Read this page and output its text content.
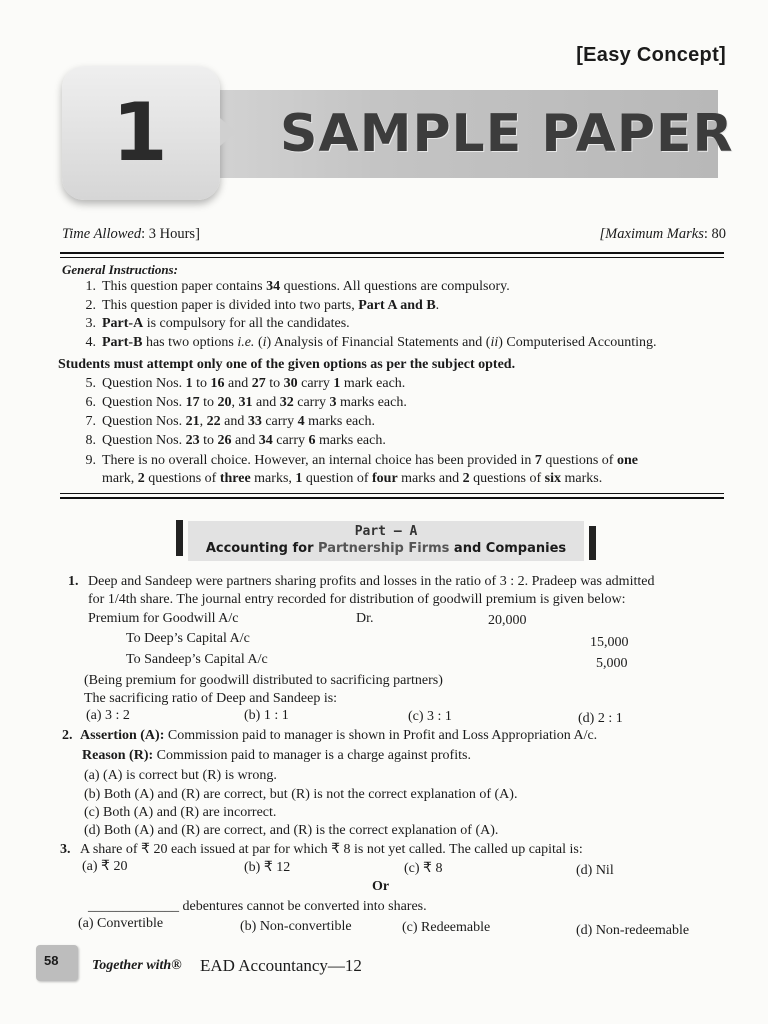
[Easy Concept]
SAMPLE PAPER
1
Time Allowed: 3 Hours]	[Maximum Marks: 80
General Instructions:
1. This question paper contains 34 questions. All questions are compulsory.
2. This question paper is divided into two parts, Part A and B.
3. Part-A is compulsory for all the candidates.
4. Part-B has two options i.e. (i) Analysis of Financial Statements and (ii) Computerised Accounting.
Students must attempt only one of the given options as per the subject opted.
5. Question Nos. 1 to 16 and 27 to 30 carry 1 mark each.
6. Question Nos. 17 to 20, 31 and 32 carry 3 marks each.
7. Question Nos. 21, 22 and 33 carry 4 marks each.
8. Question Nos. 23 to 26 and 34 carry 6 marks each.
9. There is no overall choice. However, an internal choice has been provided in 7 questions of one
mark, 2 questions of three marks, 1 question of four marks and 2 questions of six marks.
Part – A
Accounting for Partnership Firms and Companies
1. Deep and Sandeep were partners sharing profits and losses in the ratio of 3 : 2. Pradeep was admitted
for 1/4th share. The journal entry recorded for distribution of goodwill premium is given below:
Premium for Goodwill A/c	Dr.	20,000
To Deep’s Capital A/c	15,000
To Sandeep’s Capital A/c	5,000
(Being premium for goodwill distributed to sacrificing partners)
The sacrificing ratio of Deep and Sandeep is:
(a) 3 : 2	(b) 1 : 1	(c) 3 : 1	(d) 2 : 1
2. Assertion (A): Commission paid to manager is shown in Profit and Loss Appropriation A/c.
Reason (R): Commission paid to manager is a charge against profits.
(a) (A) is correct but (R) is wrong.
(b) Both (A) and (R) are correct, but (R) is not the correct explanation of (A).
(c) Both (A) and (R) are incorrect.
(d) Both (A) and (R) are correct, and (R) is the correct explanation of (A).
3. A share of ₹ 20 each issued at par for which ₹ 8 is not yet called. The called up capital is:
(a) ₹ 20	(b) ₹ 12	(c) ₹ 8	(d) Nil
Or
_____________ debentures cannot be converted into shares.
(a) Convertible	(b) Non-convertible	(c) Redeemable	(d) Non-redeemable
58 Together with® EAD Accountancy—12
